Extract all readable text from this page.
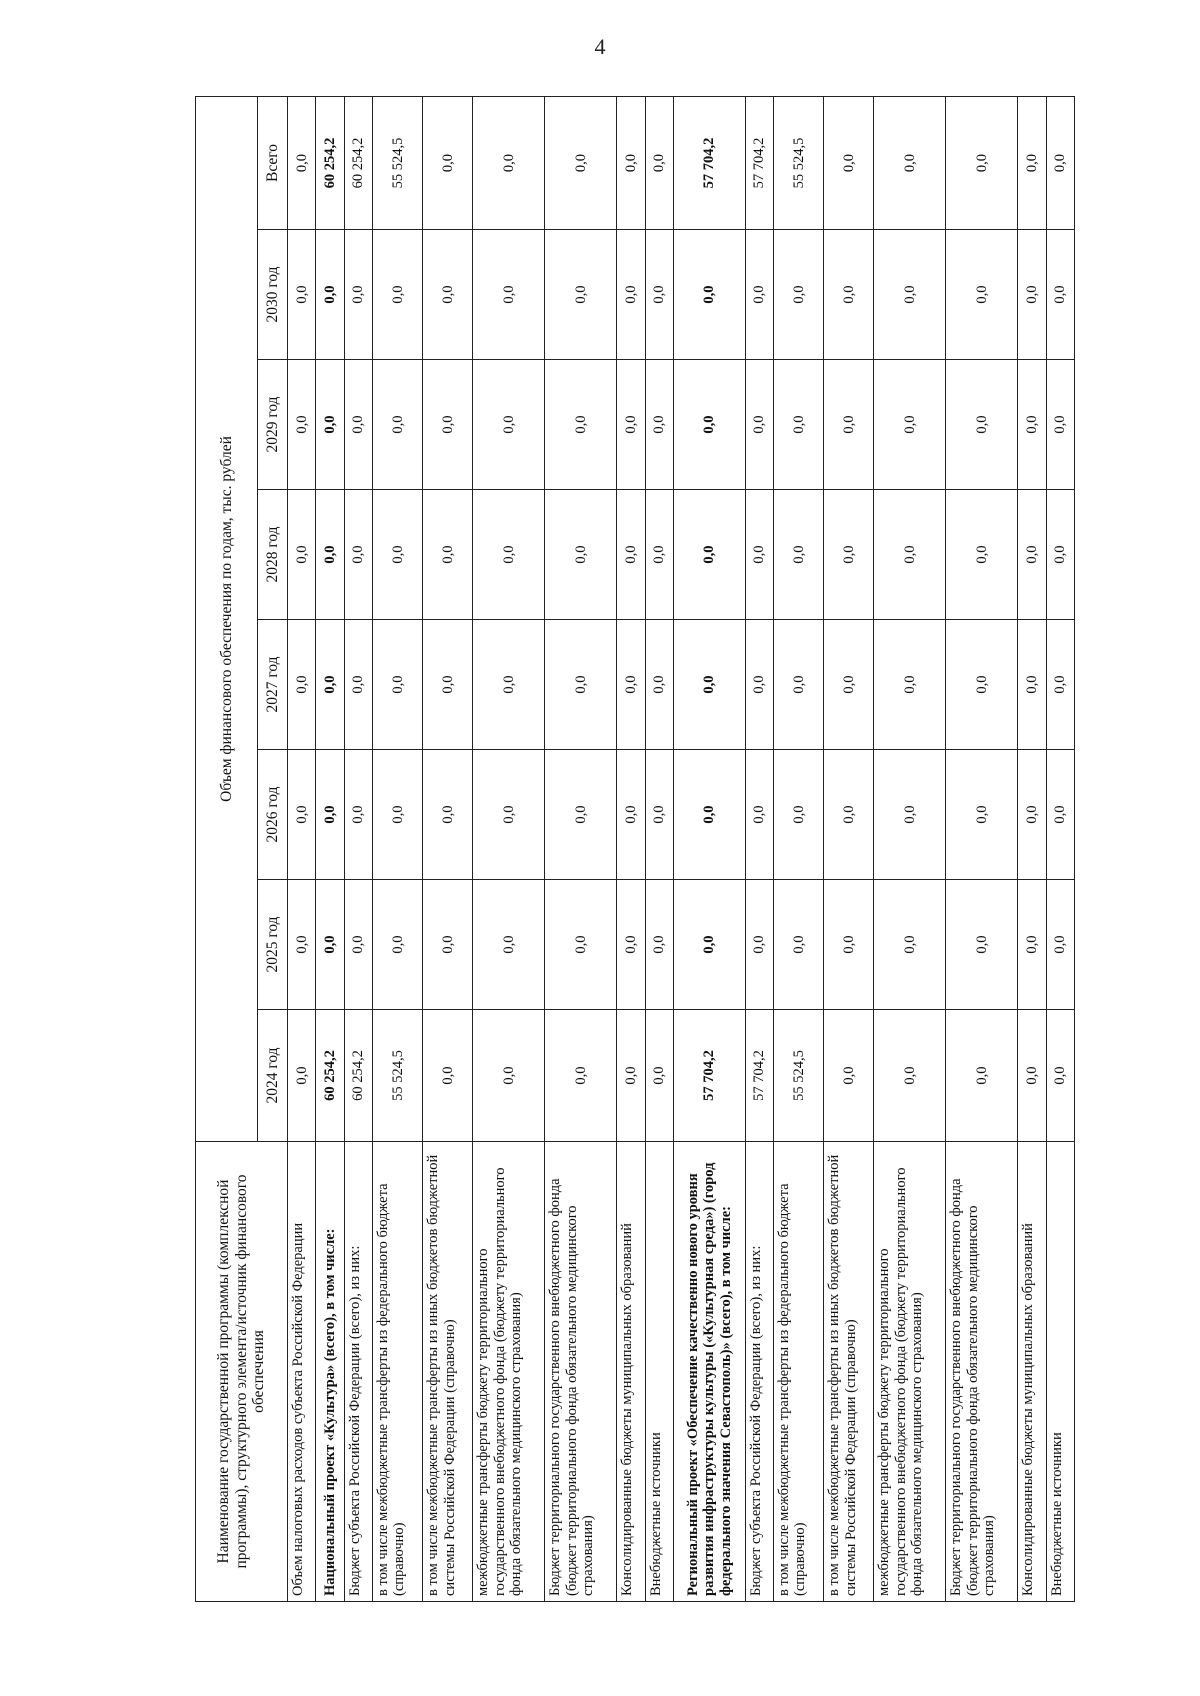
4
Наименование государственной программы (комплексной программы), структурного элемента/источник финансового обеспечения	Объем финансового обеспечения по годам, тыс. рублей							
	2024 год	2025 год	2026 год	2027 год	2028 год	2029 год	2030 год	Всего
Объем налоговых расходов субъекта Российской Федерации	0,0	0,0	0,0	0,0	0,0	0,0	0,0	0,0
Национальный проект «Культура» (всего), в том числе:	60 254,2	0,0	0,0	0,0	0,0	0,0	0,0	60 254,2
Бюджет субъекта Российской Федерации (всего), из них:	60 254,2	0,0	0,0	0,0	0,0	0,0	0,0	60 254,2
в том числе межбюджетные трансферты из федерального бюджета (справочно)	55 524,5	0,0	0,0	0,0	0,0	0,0	0,0	55 524,5
в том числе межбюджетные трансферты из иных бюджетов бюджетной системы Российской Федерации (справочно)	0,0	0,0	0,0	0,0	0,0	0,0	0,0	0,0
межбюджетные трансферты бюджету территориального государственного внебюджетного фонда (бюджету территориального фонда обязательного медицинского страхования)	0,0	0,0	0,0	0,0	0,0	0,0	0,0	0,0
Бюджет территориального государственного внебюджетного фонда (бюджет территориального фонда обязательного медицинского страхования)	0,0	0,0	0,0	0,0	0,0	0,0	0,0	0,0
Консолидированные бюджеты муниципальных образований	0,0	0,0	0,0	0,0	0,0	0,0	0,0	0,0
Внебюджетные источники	0,0	0,0	0,0	0,0	0,0	0,0	0,0	0,0
Региональный проект «Обеспечение качественно нового уровня развития инфраструктуры культуры («Культурная среда») (город федерального значения Севастополь)» (всего), в том числе:	57 704,2	0,0	0,0	0,0	0,0	0,0	0,0	57 704,2
Бюджет субъекта Российской Федерации (всего), из них:	57 704,2	0,0	0,0	0,0	0,0	0,0	0,0	57 704,2
в том числе межбюджетные трансферты из федерального бюджета (справочно)	55 524,5	0,0	0,0	0,0	0,0	0,0	0,0	55 524,5
в том числе межбюджетные трансферты из иных бюджетов бюджетной системы Российской Федерации (справочно)	0,0	0,0	0,0	0,0	0,0	0,0	0,0	0,0
межбюджетные трансферты бюджету территориального государственного внебюджетного фонда (бюджету территориального фонда обязательного медицинского страхования)	0,0	0,0	0,0	0,0	0,0	0,0	0,0	0,0
Бюджет территориального государственного внебюджетного фонда (бюджет территориального фонда обязательного медицинского страхования)	0,0	0,0	0,0	0,0	0,0	0,0	0,0	0,0
Консолидированные бюджеты муниципальных образований	0,0	0,0	0,0	0,0	0,0	0,0	0,0	0,0
Внебюджетные источники	0,0	0,0	0,0	0,0	0,0	0,0	0,0	0,0
